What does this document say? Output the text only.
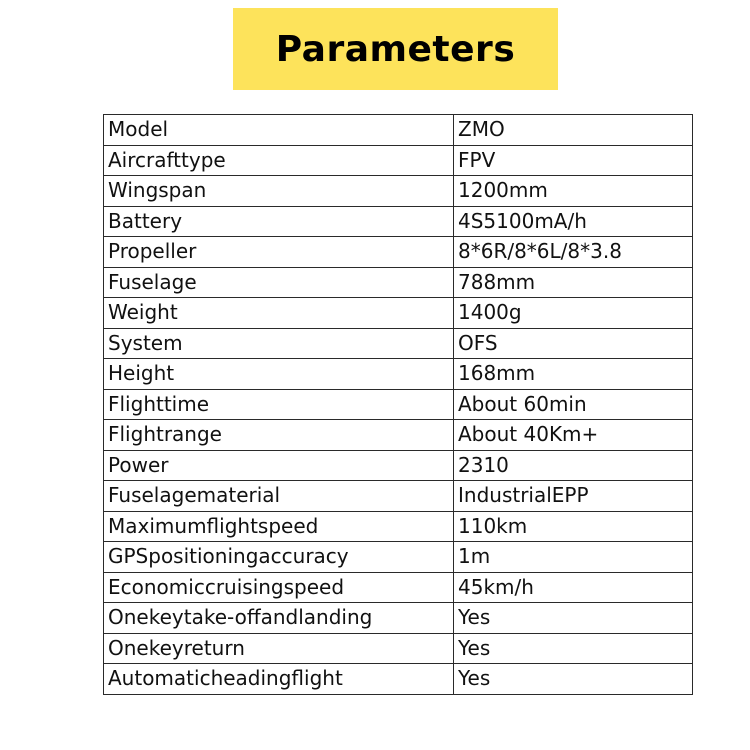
Parameters
Model	ZMO
Aircrafttype	FPV
Wingspan	1200mm
Battery	4S5100mA/h
Propeller	8*6R/8*6L/8*3.8
Fuselage	788mm
Weight	1400g
System	OFS
Height	168mm
Flighttime	About 60min
Flightrange	About 40Km+
Power	2310
Fuselagematerial	IndustrialEPP
Maximumflightspeed	110km
GPSpositioningaccuracy	1m
Economiccruisingspeed	45km/h
Onekeytake-offandlanding	Yes
Onekeyreturn	Yes
Automaticheadingflight	Yes
